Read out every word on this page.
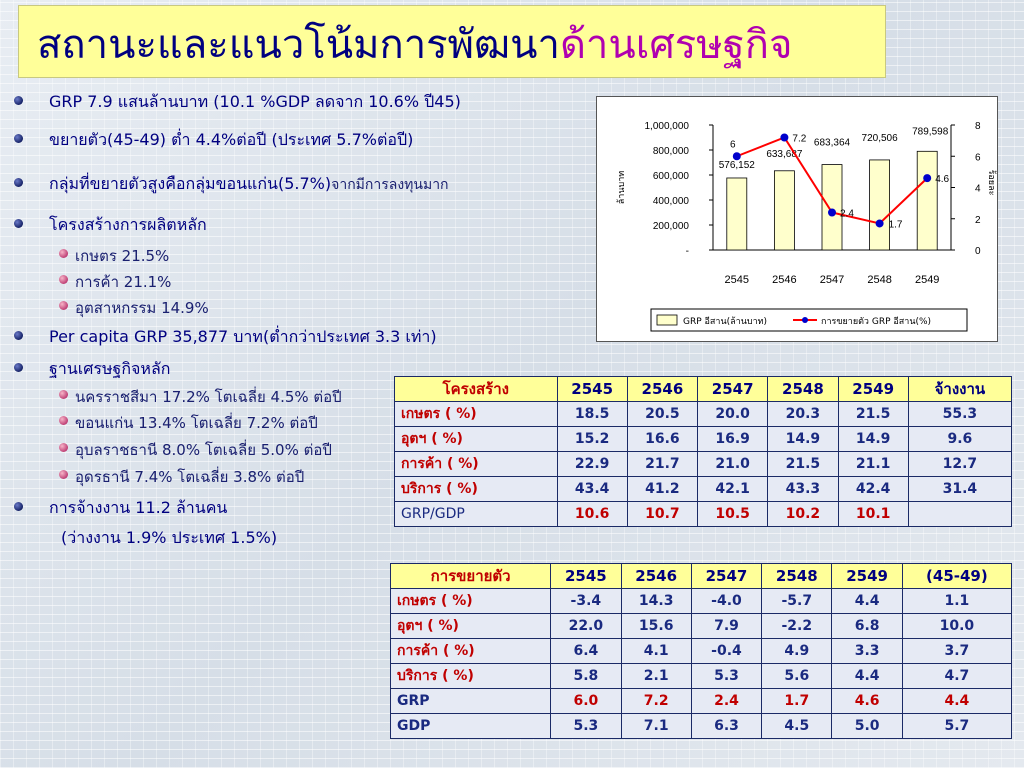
สถานะและแนวโน้มการพัฒนาด้านเศรษฐกิจ
GRP 7.9 แสนล้านบาท (10.1 %GDP ลดจาก 10.6% ปี45)
ขยายตัว(45-49) ต่ำ 4.4%ต่อปี (ประเทศ 5.7%ต่อปี)
กลุ่มที่ขยายตัวสูงคือกลุ่มขอนแก่น(5.7%)จากมีการลงทุนมาก
โครงสร้างการผลิตหลัก
เกษตร 21.5%
การค้า 21.1%
อุตสาหกรรม 14.9%
Per capita GRP 35,877 บาท(ต่ำกว่าประเทศ 3.3 เท่า)
ฐานเศรษฐกิจหลัก
นครราชสีมา 17.2% โตเฉลี่ย 4.5% ต่อปี
ขอนแก่น 13.4% โตเฉลี่ย 7.2% ต่อปี
อุบลราชธานี 8.0% โตเฉลี่ย 5.0% ต่อปี
อุดรธานี 7.4% โตเฉลี่ย 3.8% ต่อปี
การจ้างงาน 11.2 ล้านคน
(ว่างงาน 1.9% ประเทศ 1.5%)
1,000,000
800,000
600,000
400,000
200,000
-
8
6
4
2
0
ล้านบาท	ร้อยละ
2545 2546 2547 2548 2549
576,152
633,687
683,364 720,506
789,598
6
7.2
2.4
1.7
4.6
GRP อีสาน(ล้านบาท)	การขยายตัว GRP อีสาน(%)
โครงสร้าง	2545	2546	2547	2548	2549	จ้างงาน
เกษตร ( %)	18.5	20.5	20.0	20.3	21.5	55.3
อุตฯ ( %)	15.2	16.6	16.9	14.9	14.9	9.6
การค้า ( %)	22.9	21.7	21.0	21.5	21.1	12.7
บริการ ( %)	43.4	41.2	42.1	43.3	42.4	31.4
GRP/GDP	10.6	10.7	10.5	10.2	10.1	
การขยายตัว	2545	2546	2547	2548	2549	(45-49)
เกษตร ( %)	-3.4	14.3	-4.0	-5.7	4.4	1.1
อุตฯ ( %)	22.0	15.6	7.9	-2.2	6.8	10.0
การค้า ( %)	6.4	4.1	-0.4	4.9	3.3	3.7
บริการ ( %)	5.8	2.1	5.3	5.6	4.4	4.7
GRP	6.0	7.2	2.4	1.7	4.6	4.4
GDP	5.3	7.1	6.3	4.5	5.0	5.7
